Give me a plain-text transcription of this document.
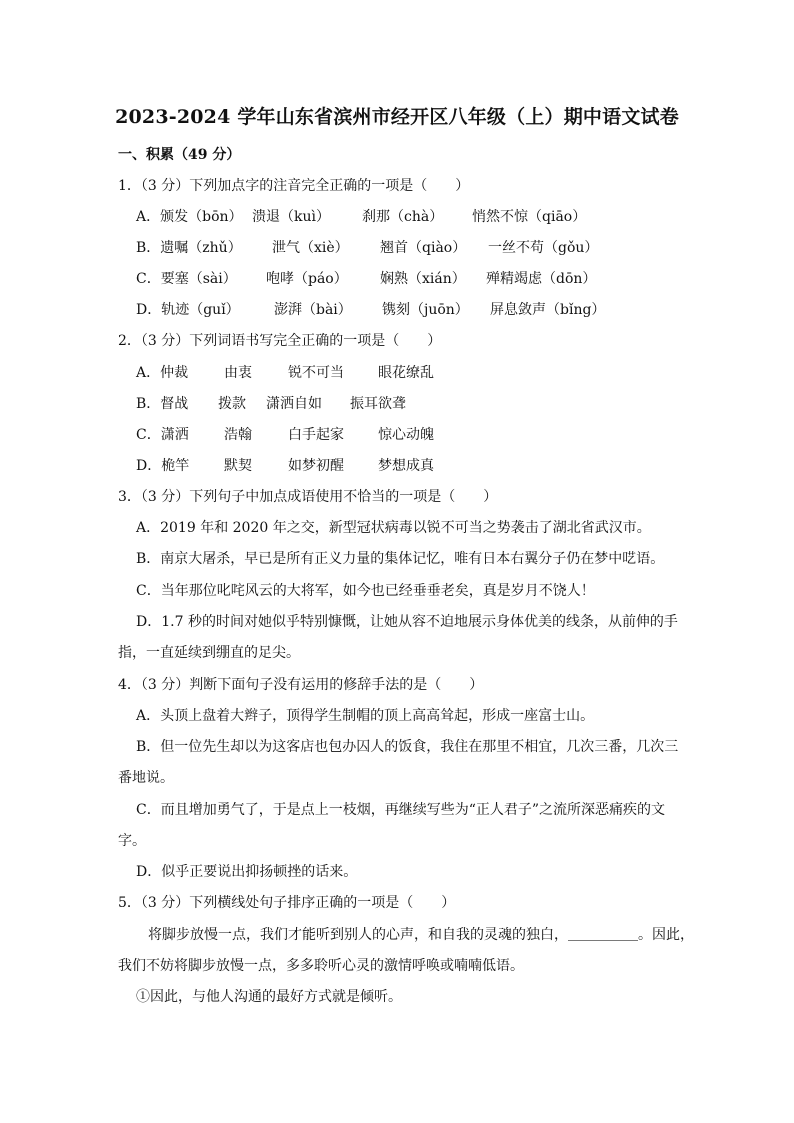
2023-2024 学年山东省滨州市经开区八年级（上）期中语文试卷
一、积累（49 分）
1．（3 分）下列加点字的注音完全正确的一项是（　　）
A．颁发（bōn） 溃退（kuì） 刹那（chà） 悄然不惊（qiāo）
B．遗嘱（zhǔ） 泄气（xiè） 翘首（qiào） 一丝不苟（gǒu）
C．要塞（sài） 咆哮（páo） 娴熟（xián） 殚精竭虑（dōn）
D．轨迹（guǐ） 澎湃（bài） 镌刻（juōn） 屏息敛声（bǐng）
2．（3 分）下列词语书写完全正确的一项是（　　）
A．仲裁	由衷	锐不可当 眼花缭乱
B．督战 拨款 潇洒自如 振耳欲聋
C．潇洒	浩翰	白手起家 惊心动魄
D．桅竿 默契	如梦初醒 梦想成真
3．（3 分）下列句子中加点成语使用不恰当的一项是（　　）
A．2019 年和 2020 年之交，新型冠状病毒以锐不可当之势袭击了湖北省武汉市。
B．南京大屠杀，早已是所有正义力量的集体记忆，唯有日本右翼分子仍在梦中呓语。
C．当年那位叱咤风云的大将军，如今也已经垂垂老矣，真是岁月不饶人！
D．1.7 秒的时间对她似乎特别慷慨，让她从容不迫地展示身体优美的线条，从前伸的手
指，一直延续到绷直的足尖。
4．（3 分）判断下面句子没有运用的修辞手法的是（　　）
A．头顶上盘着大辫子，顶得学生制帽的顶上高高耸起，形成一座富士山。
B．但一位先生却以为这客店也包办囚人的饭食，我住在那里不相宜，几次三番，几次三
番地说。
C．而且增加勇气了，于是点上一枝烟，再继续写些为“正人君子”之流所深恶痛疾的文
字。
D．似乎正要说出抑扬顿挫的话来。
5．（3 分）下列横线处句子排序正确的一项是（　　）
将脚步放慢一点，我们才能听到别人的心声，和自我的灵魂的独白，＿＿＿＿＿。因此，
我们不妨将脚步放慢一点，多多聆听心灵的激情呼唤或喃喃低语。
①因此，与他人沟通的最好方式就是倾听。
